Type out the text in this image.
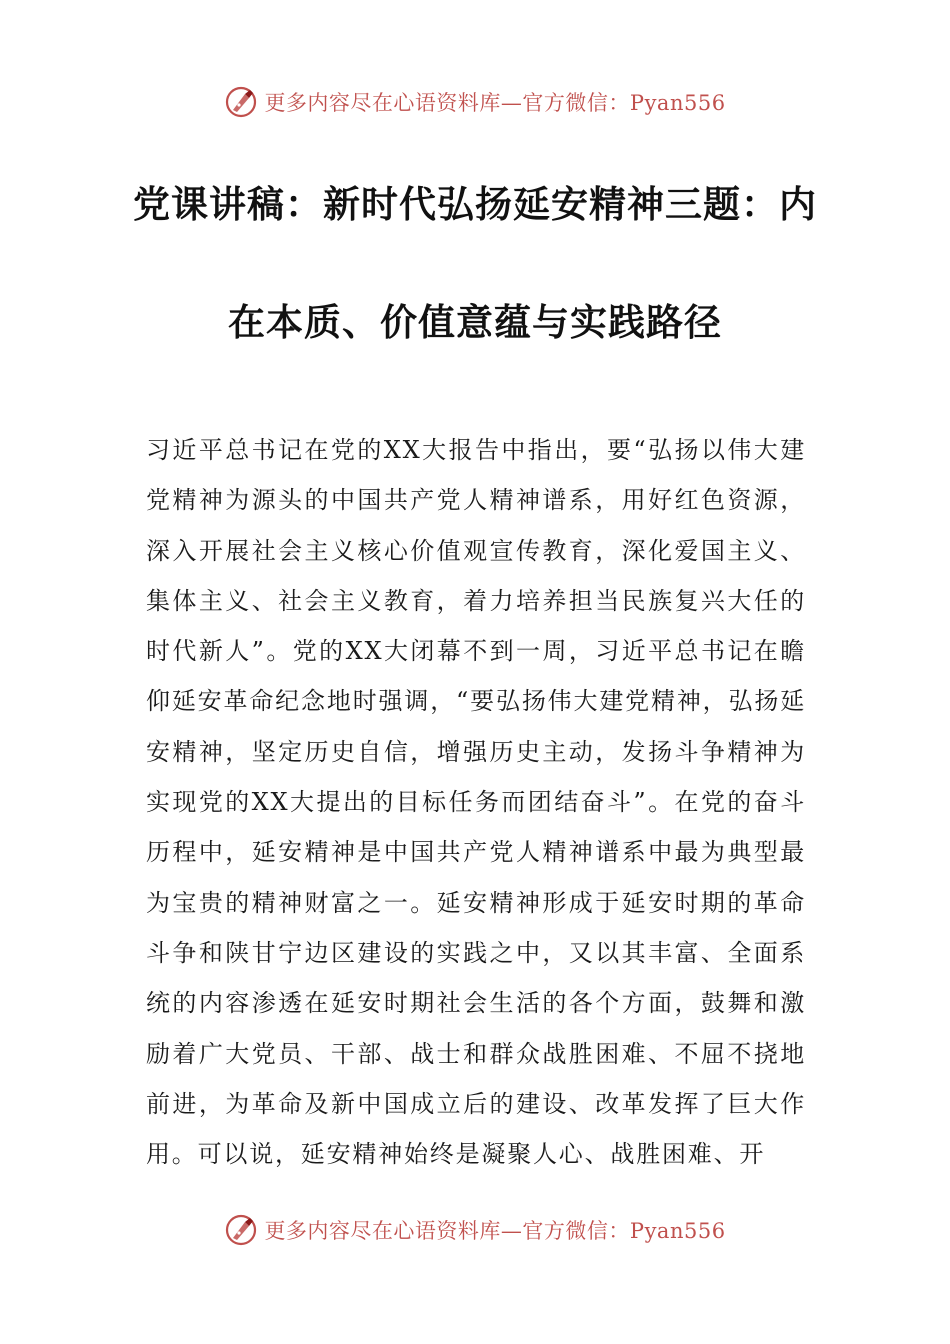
更多内容尽在心语资料库—官方微信：Pyan556
党课讲稿：新时代弘扬延安精神三题：内
在本质、价值意蕴与实践路径

习近平总书记在党的XX大报告中指出，要“弘扬以伟大建党精神为源头的中国共产党人精神谱系，用好红色资源，深入开展社会主义核心价值观宣传教育，深化爱国主义、集体主义、社会主义教育，着力培养担当民族复兴大任的时代新人”。党的XX大闭幕不到一周，习近平总书记在瞻仰延安革命纪念地时强调，“要弘扬伟大建党精神，弘扬延安精神，坚定历史自信，增强历史主动，发扬斗争精神为实现党的XX大提出的目标任务而团结奋斗”。在党的奋斗历程中，延安精神是中国共产党人精神谱系中最为典型最为宝贵的精神财富之一。延安精神形成于延安时期的革命斗争和陕甘宁边区建设的实践之中，又以其丰富、全面系统的内容渗透在延安时期社会生活的各个方面，鼓舞和激励着广大党员、干部、战士和群众战胜困难、不屈不挠地前进，为革命及新中国成立后的建设、改革发挥了巨大作用。可以说，延安精神始终是凝聚人心、战胜困难、开

更多内容尽在心语资料库—官方微信：Pyan556
